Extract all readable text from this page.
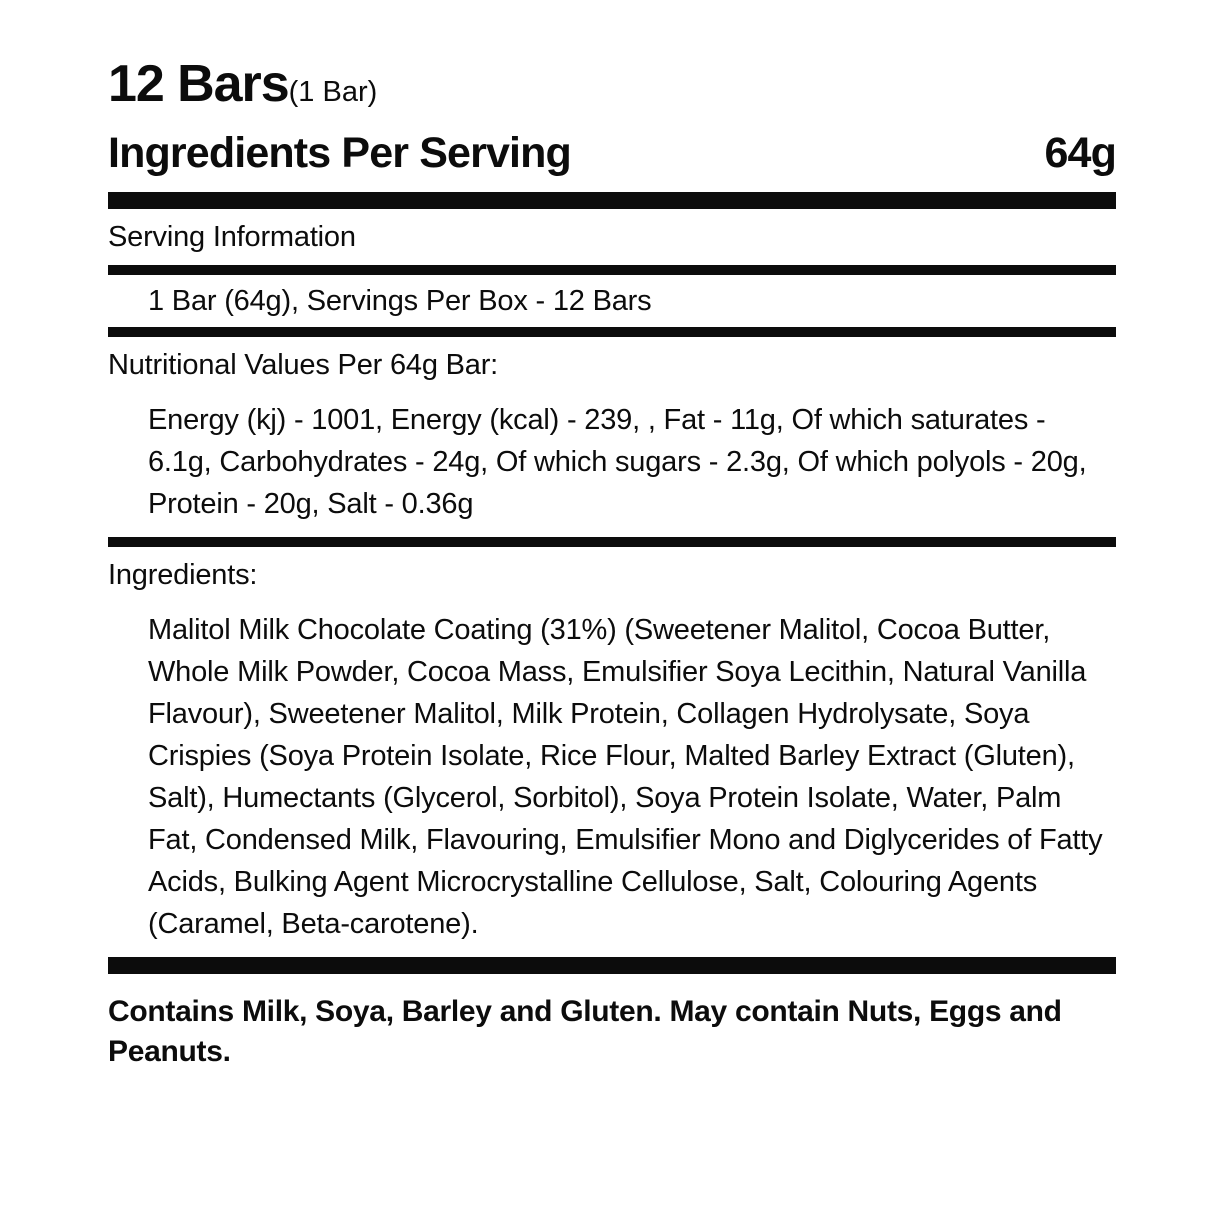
12 Bars(1 Bar)
Ingredients Per Serving	64g
Serving Information
1 Bar (64g), Servings Per Box - 12 Bars
Nutritional Values Per 64g Bar:
Energy (kj) - 1001, Energy (kcal) - 239, , Fat - 11g, Of which saturates - 6.1g, Carbohydrates - 24g, Of which sugars - 2.3g, Of which polyols - 20g, Protein - 20g, Salt - 0.36g
Ingredients:
Malitol Milk Chocolate Coating (31%) (Sweetener Malitol, Cocoa Butter, Whole Milk Powder, Cocoa Mass, Emulsifier Soya Lecithin, Natural Vanilla Flavour), Sweetener Malitol, Milk Protein, Collagen Hydrolysate, Soya Crispies (Soya Protein Isolate, Rice Flour, Malted Barley Extract (Gluten), Salt), Humectants (Glycerol, Sorbitol), Soya Protein Isolate, Water, Palm Fat, Condensed Milk, Flavouring, Emulsifier Mono and Diglycerides of Fatty Acids, Bulking Agent Microcrystalline Cellulose, Salt, Colouring Agents (Caramel, Beta-carotene).
Contains Milk, Soya, Barley and Gluten. May contain Nuts, Eggs and Peanuts.
